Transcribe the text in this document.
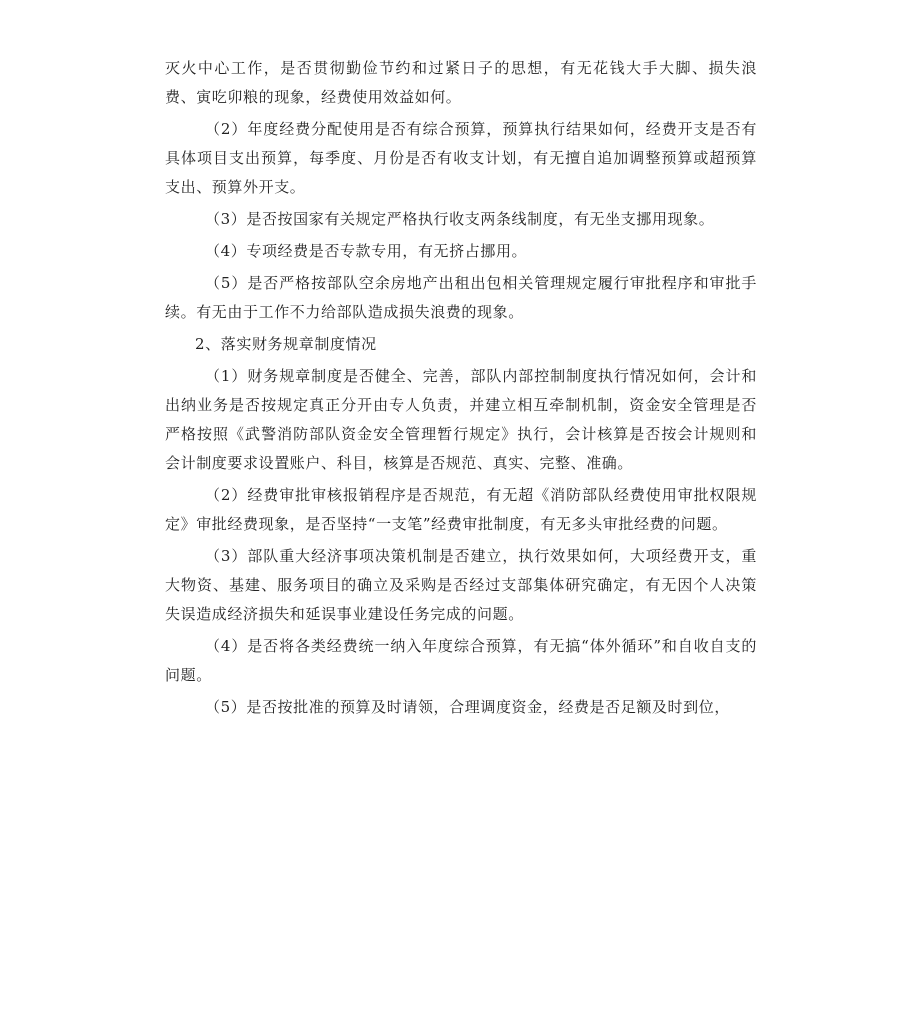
灭火中心工作，是否贯彻勤俭节约和过紧日子的思想，有无花钱大手大脚、损失浪费、寅吃卯粮的现象，经费使用效益如何。

（2）年度经费分配使用是否有综合预算，预算执行结果如何，经费开支是否有具体项目支出预算，每季度、月份是否有收支计划，有无擅自追加调整预算或超预算支出、预算外开支。

（3）是否按国家有关规定严格执行收支两条线制度，有无坐支挪用现象。

（4）专项经费是否专款专用，有无挤占挪用。

（5）是否严格按部队空余房地产出租出包相关管理规定履行审批程序和审批手续。有无由于工作不力给部队造成损失浪费的现象。

2、落实财务规章制度情况

（1）财务规章制度是否健全、完善，部队内部控制制度执行情况如何，会计和出纳业务是否按规定真正分开由专人负责，并建立相互牵制机制，资金安全管理是否严格按照《武警消防部队资金安全管理暂行规定》执行，会计核算是否按会计规则和会计制度要求设置账户、科目，核算是否规范、真实、完整、准确。

（2）经费审批审核报销程序是否规范，有无超《消防部队经费使用审批权限规定》审批经费现象，是否坚持“一支笔”经费审批制度，有无多头审批经费的问题。

（3）部队重大经济事项决策机制是否建立，执行效果如何，大项经费开支，重大物资、基建、服务项目的确立及采购是否经过支部集体研究确定，有无因个人决策失误造成经济损失和延误事业建设任务完成的问题。

（4）是否将各类经费统一纳入年度综合预算，有无搞“体外循环”和自收自支的问题。

（5）是否按批准的预算及时请领，合理调度资金，经费是否足额及时到位，
